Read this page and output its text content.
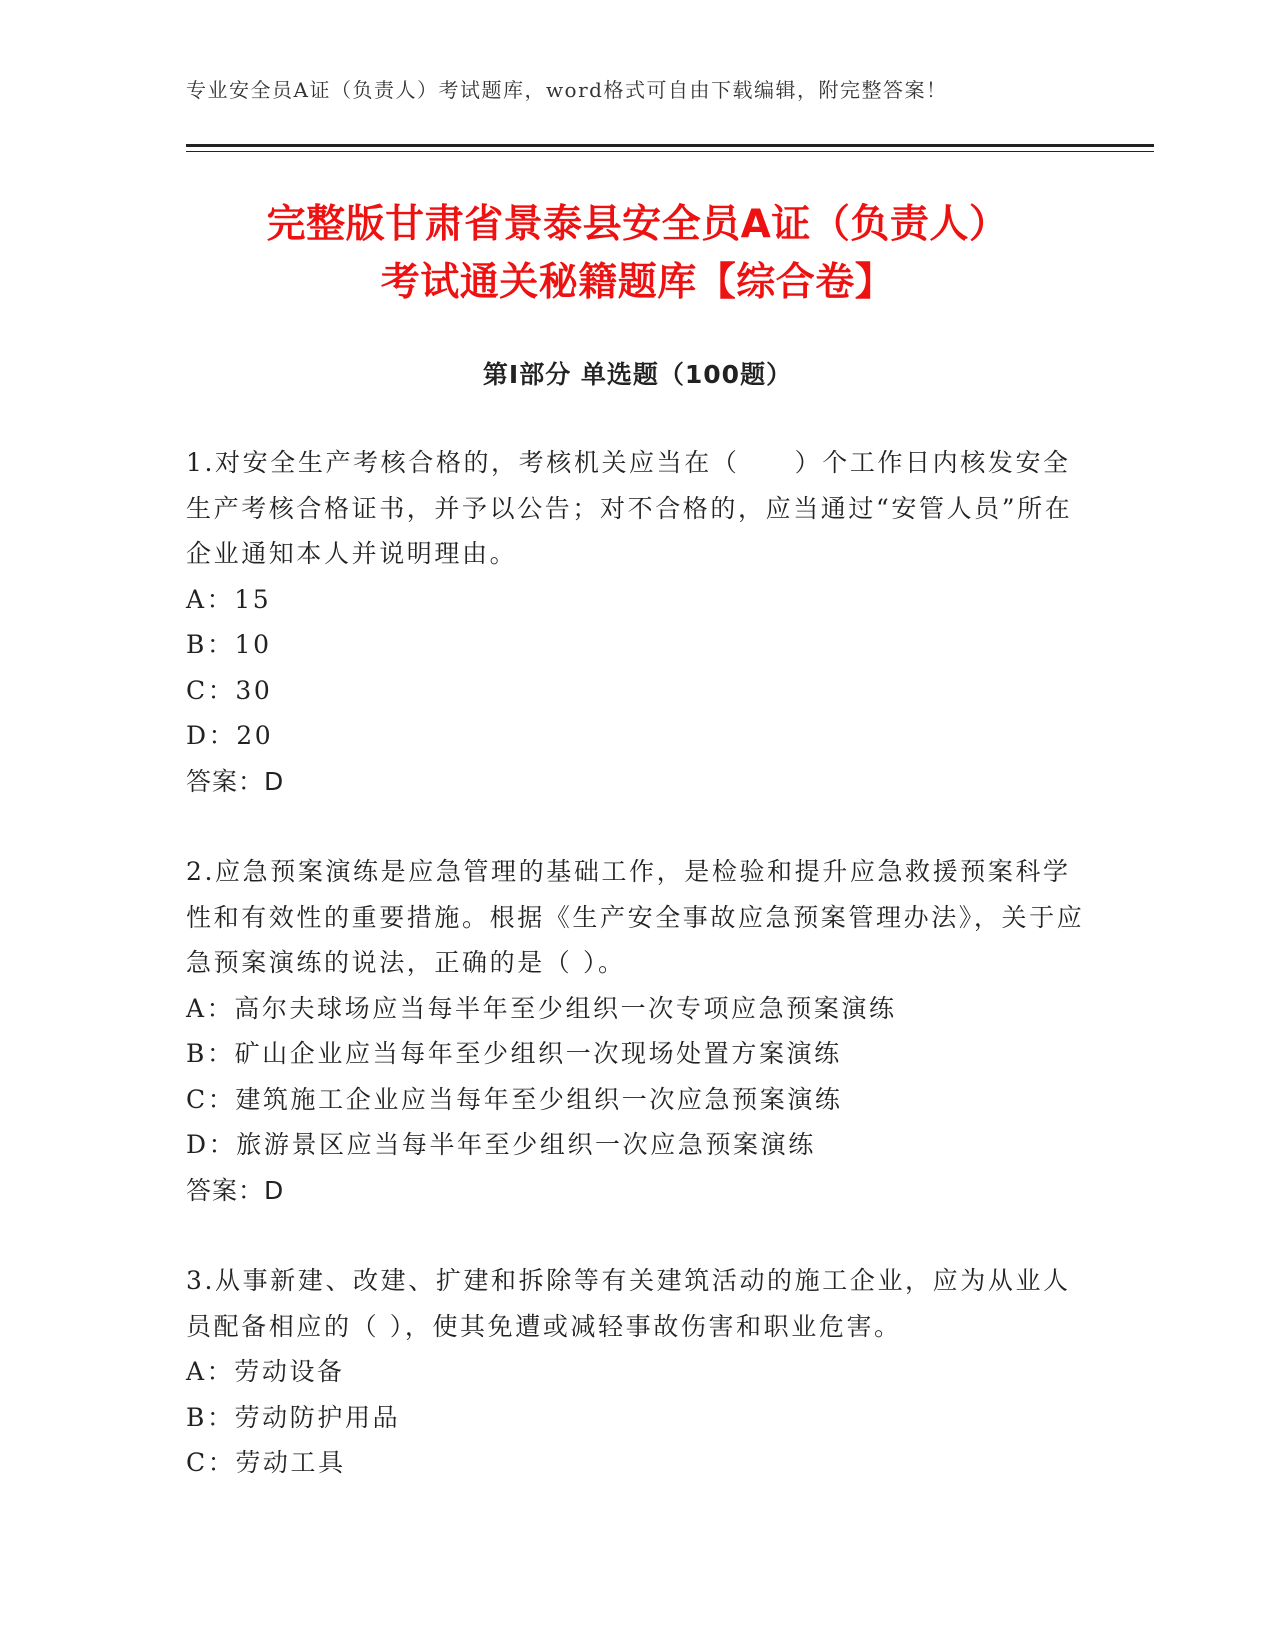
专业安全员A证（负责人）考试题库，word格式可自由下载编辑，附完整答案！
完整版甘肃省景泰县安全员A证（负责人）
考试通关秘籍题库【综合卷】
第Ⅰ部分 单选题（100题）

1.对安全生产考核合格的，考核机关应当在（　　）个工作日内核发安全生产考核合格证书，并予以公告；对不合格的，应当通过“安管人员”所在企业通知本人并说明理由。

A：15
B：10
C：30
D：20
答案：D

2.应急预案演练是应急管理的基础工作，是检验和提升应急救援预案科学性和有效性的重要措施。根据《生产安全事故应急预案管理办法》，关于应急预案演练的说法，正确的是（ ）。

A：高尔夫球场应当每半年至少组织一次专项应急预案演练
B：矿山企业应当每年至少组织一次现场处置方案演练
C：建筑施工企业应当每年至少组织一次应急预案演练
D：旅游景区应当每半年至少组织一次应急预案演练
答案：D

3.从事新建、改建、扩建和拆除等有关建筑活动的施工企业，应为从业人员配备相应的（ ），使其免遭或减轻事故伤害和职业危害。

A：劳动设备
B：劳动防护用品
C：劳动工具
